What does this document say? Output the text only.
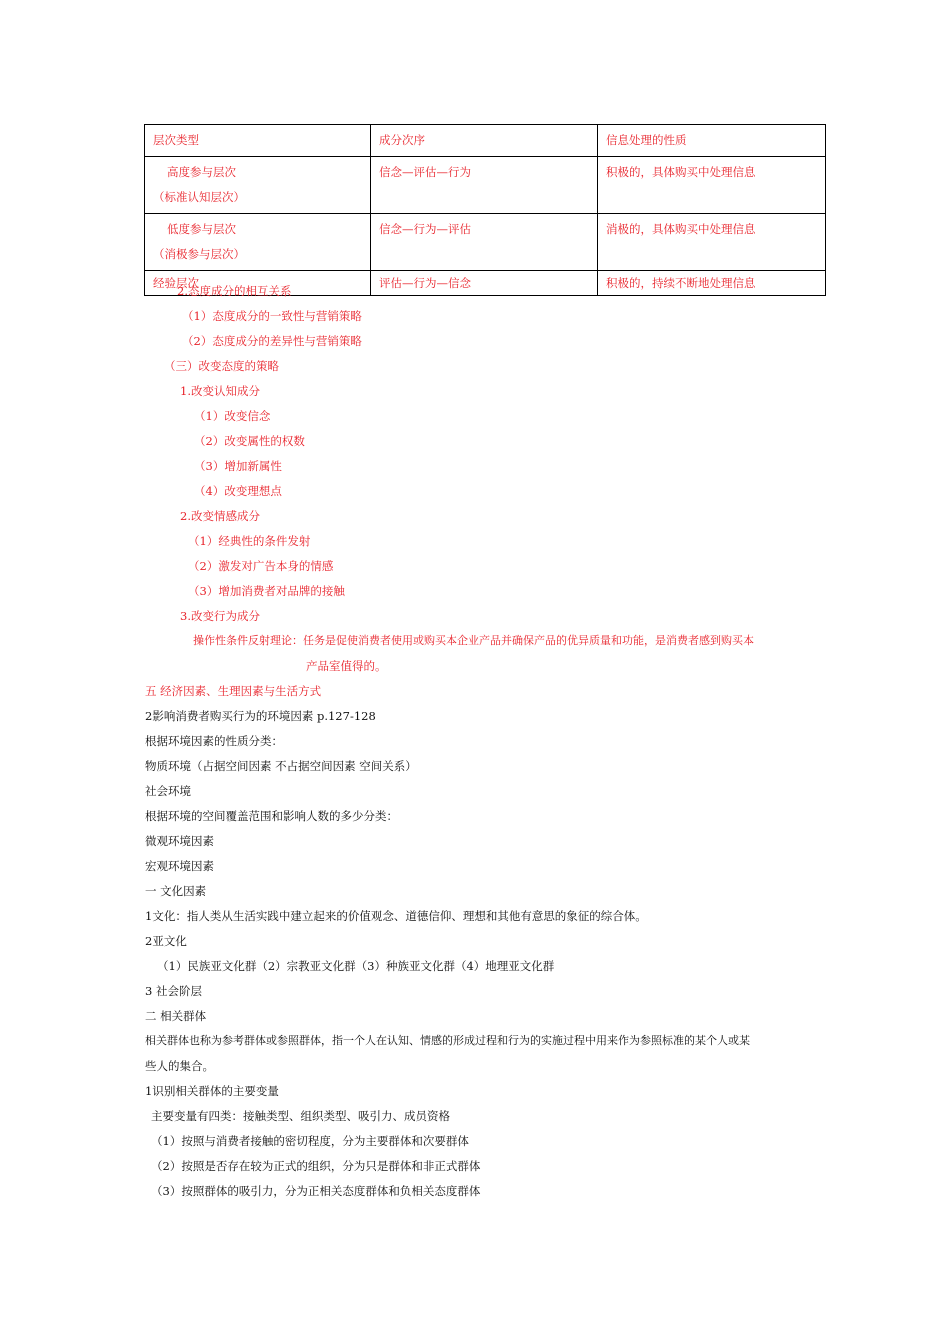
层次类型	成分次序	信息处理的性质

高度参与层次
（标准认知层次）	信念—评估—行为	积极的，具体购买中处理信息

低度参与层次
（消极参与层次）	信念—行为—评估	消极的，具体购买中处理信息
经验层次	评估—行为—信念	积极的，持续不断地处理信息
2.态度成分的相互关系
（1）态度成分的一致性与营销策略
（2）态度成分的差异性与营销策略
（三）改变态度的策略
1.改变认知成分
（1）改变信念
（2）改变属性的权数
（3）增加新属性
（4）改变理想点
2.改变情感成分
（1）经典性的条件发射
（2）激发对广告本身的情感
（3）增加消费者对品牌的接触
3.改变行为成分
操作性条件反射理论：任务是促使消费者使用或购买本企业产品并确保产品的优异质量和功能，是消费者感到购买本
产品室值得的。
五 经济因素、生理因素与生活方式
2影响消费者购买行为的环境因素 p.127-128
根据环境因素的性质分类：
物质环境（占据空间因素 不占据空间因素 空间关系）
社会环境
根据环境的空间覆盖范围和影响人数的多少分类：
微观环境因素
宏观环境因素
一 文化因素
1文化：指人类从生活实践中建立起来的价值观念、道德信仰、理想和其他有意思的象征的综合体。
2亚文化
（1）民族亚文化群（2）宗教亚文化群（3）种族亚文化群（4）地理亚文化群
3 社会阶层
二 相关群体
相关群体也称为参考群体或参照群体，指一个人在认知、情感的形成过程和行为的实施过程中用来作为参照标准的某个人或某
些人的集合。
1识别相关群体的主要变量
主要变量有四类：接触类型、组织类型、吸引力、成员资格
（1）按照与消费者接触的密切程度，分为主要群体和次要群体
（2）按照是否存在较为正式的组织，分为只是群体和非正式群体
（3）按照群体的吸引力，分为正相关态度群体和负相关态度群体
